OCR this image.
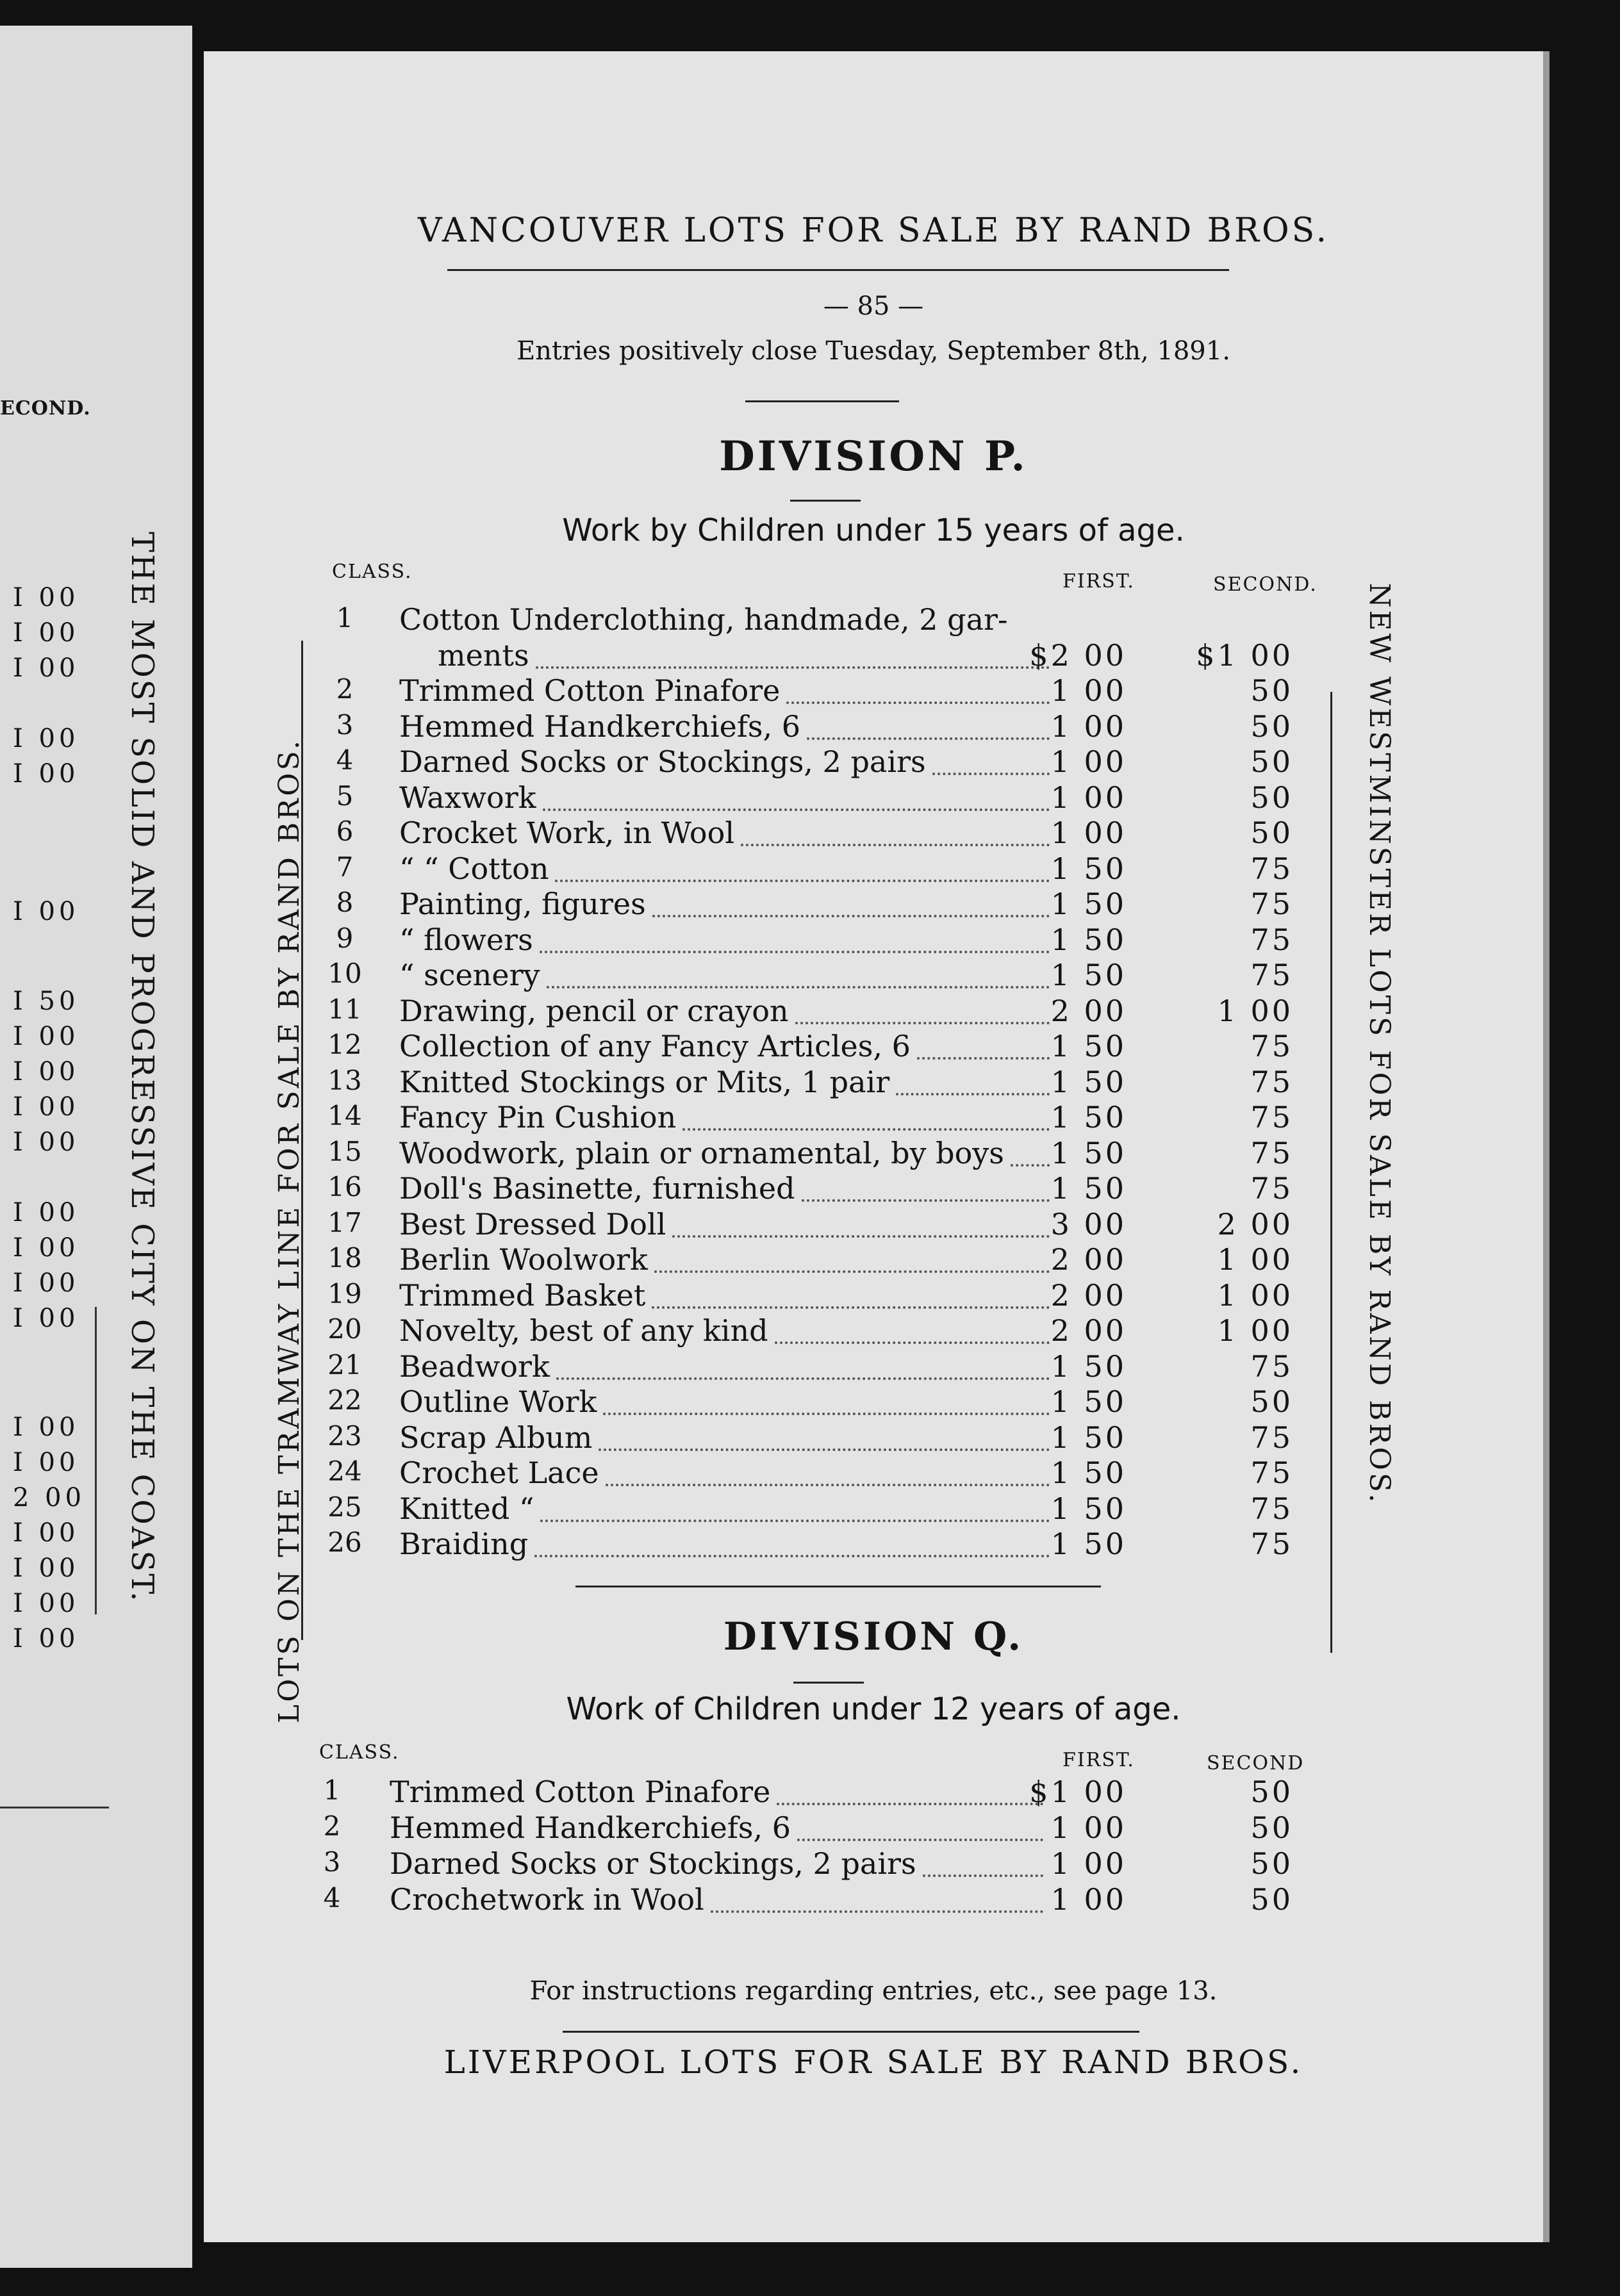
ECOND.
I 00
I 00
I 00
I 00
I 00
I 00
I 50
I 00
I 00
I 00
I 00
I 00
I 00
I 00
I 00
I 00
I 00
2 00
I 00
I 00
I 00
I 00
THE MOST SOLID AND PROGRESSIVE CITY ON THE COAST.
VANCOUVER LOTS FOR SALE BY RAND BROS.
— 85 —
Entries positively close Tuesday, September 8th, 1891.
LOTS ON THE TRAMWAY LINE FOR SALE BY RAND BROS.	NEW WESTMINSTER LOTS FOR SALE BY RAND BROS.
DIVISION P.
Work by Children under 15 years of age.
CLASS.	FIRST.	SECOND.
1	Cotton Underclothing, handmade, 2 gar-
ments	$2 00	$1 00
2	Trimmed Cotton Pinafore	1 00	50
3	Hemmed Handkerchiefs, 6	1 00	50
4	Darned Socks or Stockings, 2 pairs	1 00	50
5	Waxwork	1 00	50
6	Crocket Work, in Wool	1 00	50
7	“ “ Cotton	1 50	75
8	Painting, figures	1 50	75
9	“ flowers	1 50	75
10 “ scenery	1 50	75
11 Drawing, pencil or crayon	2 00	1 00
12 Collection of any Fancy Articles, 6	1 50	75
13 Knitted Stockings or Mits, 1 pair	1 50	75
14 Fancy Pin Cushion	1 50	75
15 Woodwork, plain or ornamental, by boys	1 50	75
16 Doll's Basinette, furnished	1 50	75
17 Best Dressed Doll	3 00	2 00
18 Berlin Woolwork	2 00	1 00
19 Trimmed Basket	2 00	1 00
20 Novelty, best of any kind	2 00	1 00
21 Beadwork	1 50	75
22 Outline Work	1 50	50
23 Scrap Album	1 50	75
24 Crochet Lace	1 50	75
25 Knitted “	1 50	75
26 Braiding	1 50	75
DIVISION Q.
Work of Children under 12 years of age.
CLASS.	FIRST.	SECOND
1	Trimmed Cotton Pinafore	$1 00	50
2	Hemmed Handkerchiefs, 6	1 00	50
3	Darned Socks or Stockings, 2 pairs	1 00	50
4	Crochetwork in Wool	1 00	50
For instructions regarding entries, etc., see page 13.
LIVERPOOL LOTS FOR SALE BY RAND BROS.
